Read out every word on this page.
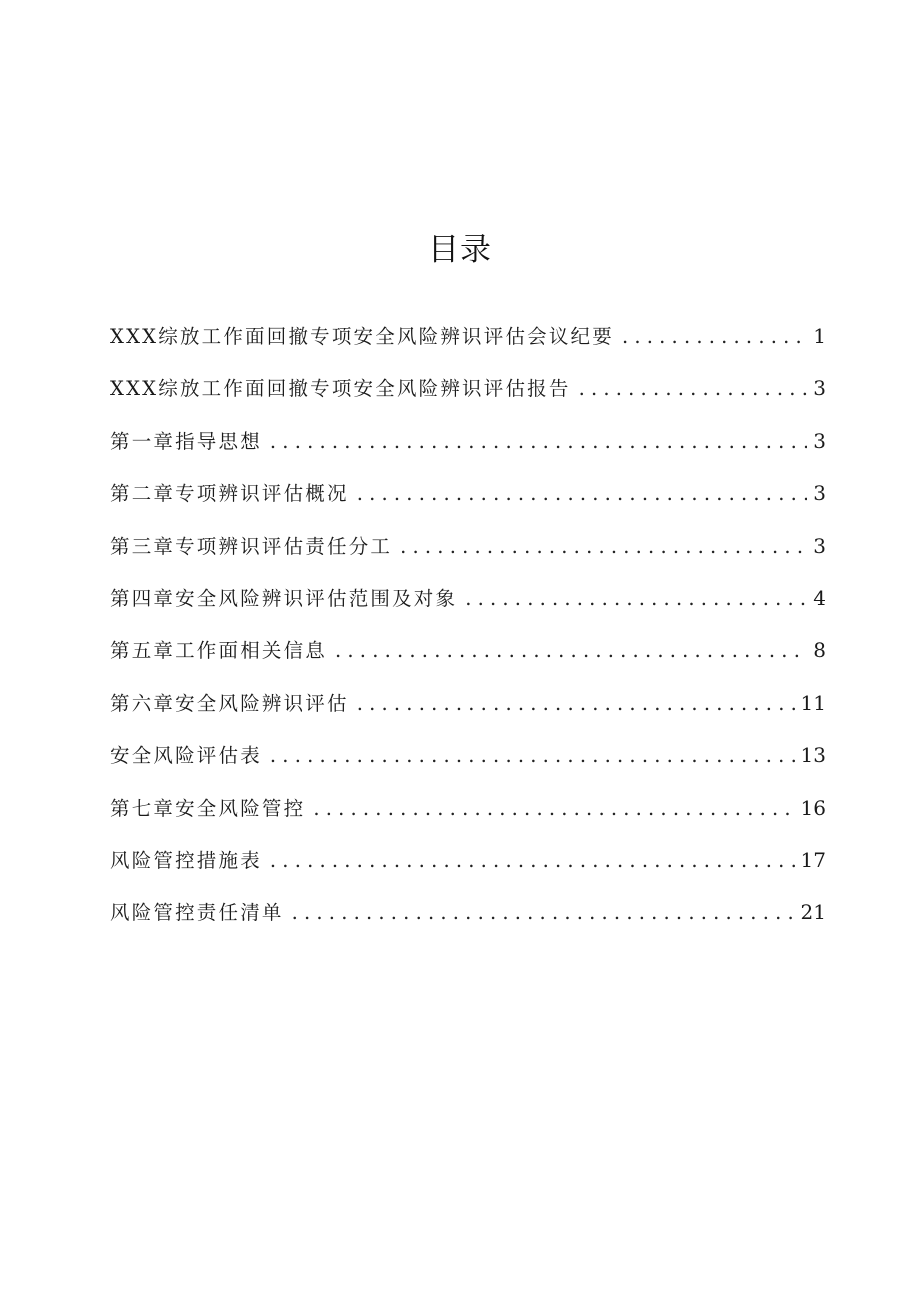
目录
XXX综放工作面回撤专项安全风险辨识评估会议纪要 . . .	1
XXX综放工作面回撤专项安全风险辨识评估报告 . . .	3
第一章指导思想 . . .	3
第二章专项辨识评估概况 . . .	3
第三章专项辨识评估责任分工 . . .	3
第四章安全风险辨识评估范围及对象 . . .	4
第五章工作面相关信息 . . .	8
第六章安全风险辨识评估 . . .	11
安全风险评估表 . . .	13
第七章安全风险管控 . . .	16
风险管控措施表 . . .	17
风险管控责任清单 . . .	21
